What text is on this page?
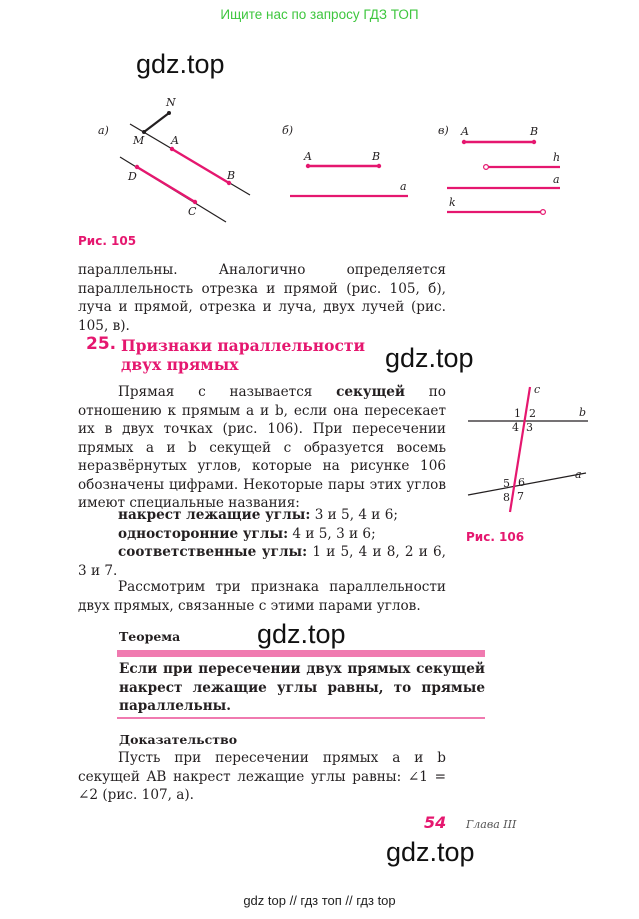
Ищите нас по запросу ГДЗ ТОП
gdz.top
а)
N
M A
B
D
C
б)
A	B
a
в) A	B
h
a
k
Рис. 105
параллельны. Аналогично определяется параллельность отрезка и прямой (рис. 105, б), луча и прямой, отрезка и луча, двух лучей (рис. 105, в).
25. Признаки параллельности
двух прямых	gdz.top
Прямая c называется секущей по отношению к прямым a и b, если она пересекает их в двух точках (рис. 106). При пересечении прямых a и b секущей c образуется восемь неразвёрнутых углов, которые на рисунке 106 обозначены цифрами. Некоторые пары этих углов имеют специальные названия:
накрест лежащие углы: 3 и 5, 4 и 6;
односторонние углы: 4 и 5, 3 и 6;
соответственные углы: 1 и 5, 4 и 8, 2 и 6, 3 и 7.
Рассмотрим три признака параллельности двух прямых, связанные с этими парами углов.
c
b
a
1 2
4 3
5 6
8 7
Рис. 106
Теорема	gdz.top
Если при пересечении двух прямых секущей накрест лежащие углы равны, то прямые параллельны.
Доказательство
Пусть при пересечении прямых a и b секущей AB накрест лежащие углы равны: ∠1 = ∠2 (рис. 107, а).
54 Глава III
gdz.top
gdz top // гдз топ // гдз top
